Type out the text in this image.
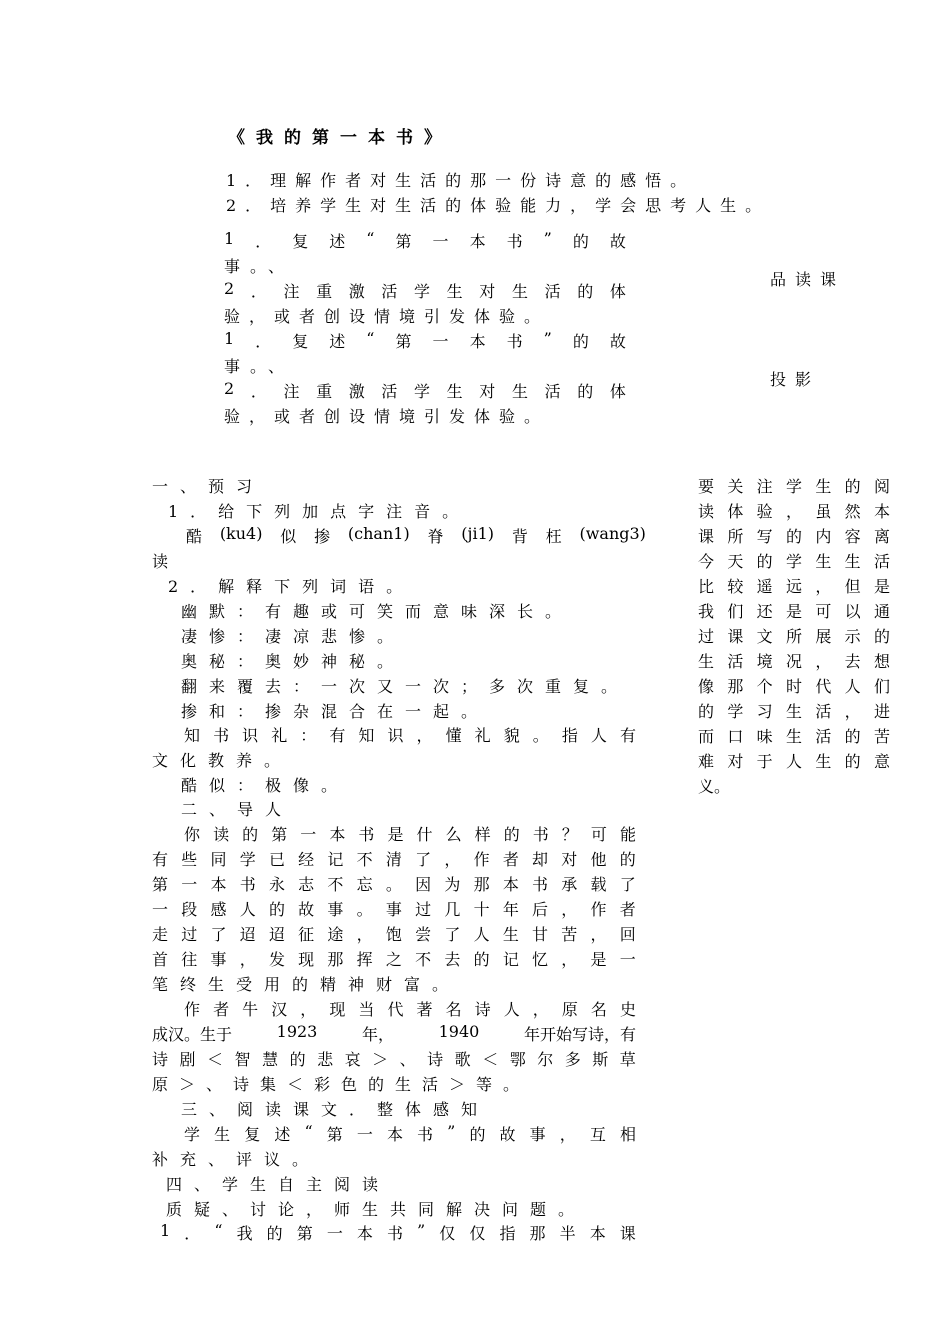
《我的第一本书》
1．理解作者对生活的那一份诗意的感悟。
2．培养学生对生活的体验能力，学会思考人生。
1 ． 复 述 “ 第 一 本 书 ” 的 故
事。、
2 ． 注 重 激 活 学 生 对 生 活 的 体
验，或者创设情境引发体验。
1 ． 复 述 “ 第 一 本 书 ” 的 故
事。、
2 ． 注 重 激 活 学 生 对 生 活 的 体
验，或者创设情境引发体验。
品读课
投影
一、预习
1．给下列加点字注音。
酷 (ku4) 似 掺 (chan1) 脊 (ji1) 背 枉 (wang3)
读
2．解释下列词语。
幽默：有趣或可笑而意味深长。
凄惨：凄凉悲惨。
奥秘：奥妙神秘。
翻来覆去：一次又一次；多次重复。
掺和：掺杂混合在一起。
知 书 识 礼 ： 有 知 识 ， 懂 礼 貌 。 指 人 有
文化教养。
酷似：极像。
二、导人
你 读 的 第 一 本 书 是 什 么 样 的 书 ？ 可 能
有 些 同 学 已 经 记 不 清 了 ， 作 者 却 对 他 的
第 一 本 书 永 志 不 忘 。 因 为 那 本 书 承 载 了
一 段 感 人 的 故 事 。 事 过 几 十 年 后 ， 作 者
走 过 了 迢 迢 征 途 ， 饱 尝 了 人 生 甘 苦 ， 回
首 往 事 ， 发 现 那 挥 之 不 去 的 记 忆 ， 是 一
笔终生受用的精神财富。
作 者 牛 汉 ， 现 当 代 著 名 诗 人 ， 原 名 史
成汉。生于	1923	年，	1940	年开始写诗，有
诗 剧 ＜ 智 慧 的 悲 哀 ＞ 、 诗 歌 ＜ 鄂 尔 多 斯 草
原＞、诗集＜彩色的生活＞等。
三、阅读课文．整体感知
学 生 复 述 “ 第 一 本 书 ” 的 故 事 ， 互 相
补充、评议。
四、学生自主阅读
质疑、讨论，师生共同解决问题。
1 ． “ 我 的 第 一 本 书 ” 仅 仅 指 那 半 本 课
要 关 注 学 生 的 阅
读 体 验 ， 虽 然 本
课 所 写 的 内 容 离
今 天 的 学 生 生 活
比 较 遥 远 ， 但 是
我 们 还 是 可 以 通
过 课 文 所 展 示 的
生 活 境 况 ， 去 想
像 那 个 时 代 人 们
的 学 习 生 活 ， 进
而 口 味 生 活 的 苦
难 对 于 人 生 的 意
义。
